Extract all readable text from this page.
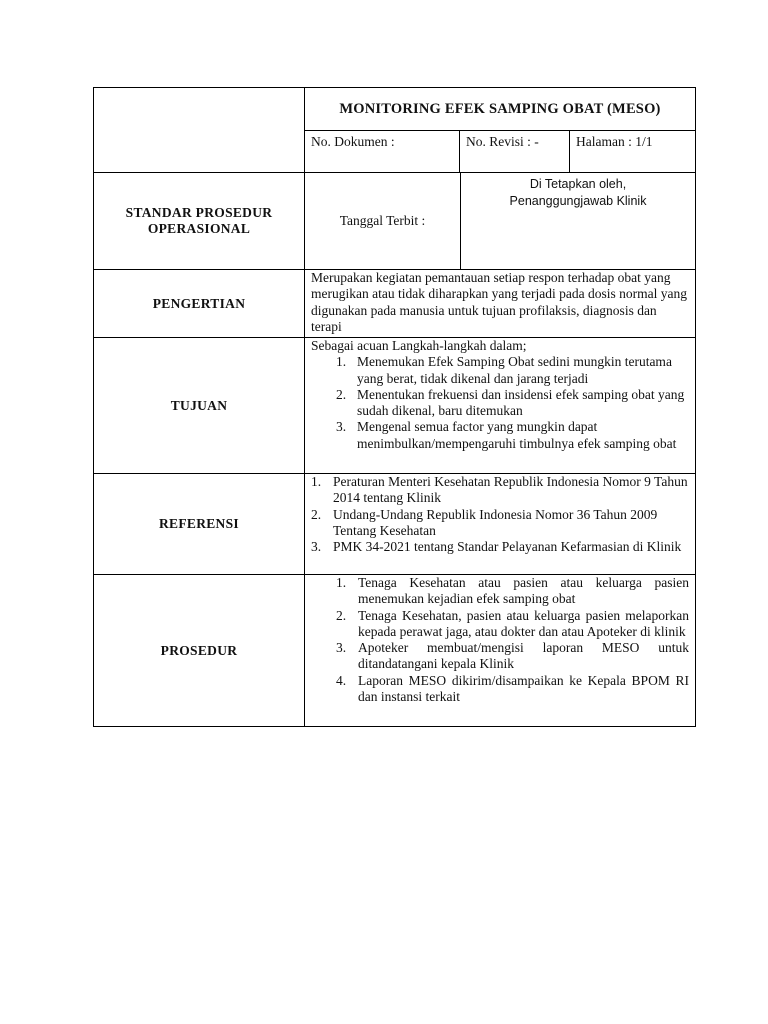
MONITORING EFEK SAMPING OBAT (MESO)
No. Dokumen :	No. Revisi : -	Halaman : 1/1
STANDAR PROSEDUR
OPERASIONAL
Tanggal Terbit :
Di Tetapkan oleh,
Penanggungjawab Klinik
PENGERTIAN
Merupakan kegiatan pemantauan setiap respon terhadap obat yang merugikan atau tidak diharapkan yang terjadi pada dosis normal yang digunakan pada manusia untuk tujuan profilaksis, diagnosis dan terapi
TUJUAN
Sebagai acuan Langkah-langkah dalam;
1. Menemukan Efek Samping Obat sedini mungkin terutama yang berat, tidak dikenal dan jarang terjadi
2. Menentukan frekuensi dan insidensi efek samping obat yang sudah dikenal, baru ditemukan
3. Mengenal semua factor yang mungkin dapat menimbulkan/mempengaruhi timbulnya efek samping obat
REFERENSI
1. Peraturan Menteri Kesehatan Republik Indonesia Nomor 9 Tahun 2014 tentang Klinik
2. Undang-Undang Republik Indonesia Nomor 36 Tahun 2009 Tentang Kesehatan
3. PMK 34-2021 tentang Standar Pelayanan Kefarmasian di Klinik
PROSEDUR
1. Tenaga Kesehatan atau pasien atau keluarga pasien menemukan kejadian efek samping obat
2. Tenaga Kesehatan, pasien atau keluarga pasien melaporkan kepada perawat jaga, atau dokter dan atau Apoteker di klinik
3. Apoteker membuat/mengisi laporan MESO untuk ditandatangani kepala Klinik
4. Laporan MESO dikirim/disampaikan ke Kepala BPOM RI dan instansi terkait
